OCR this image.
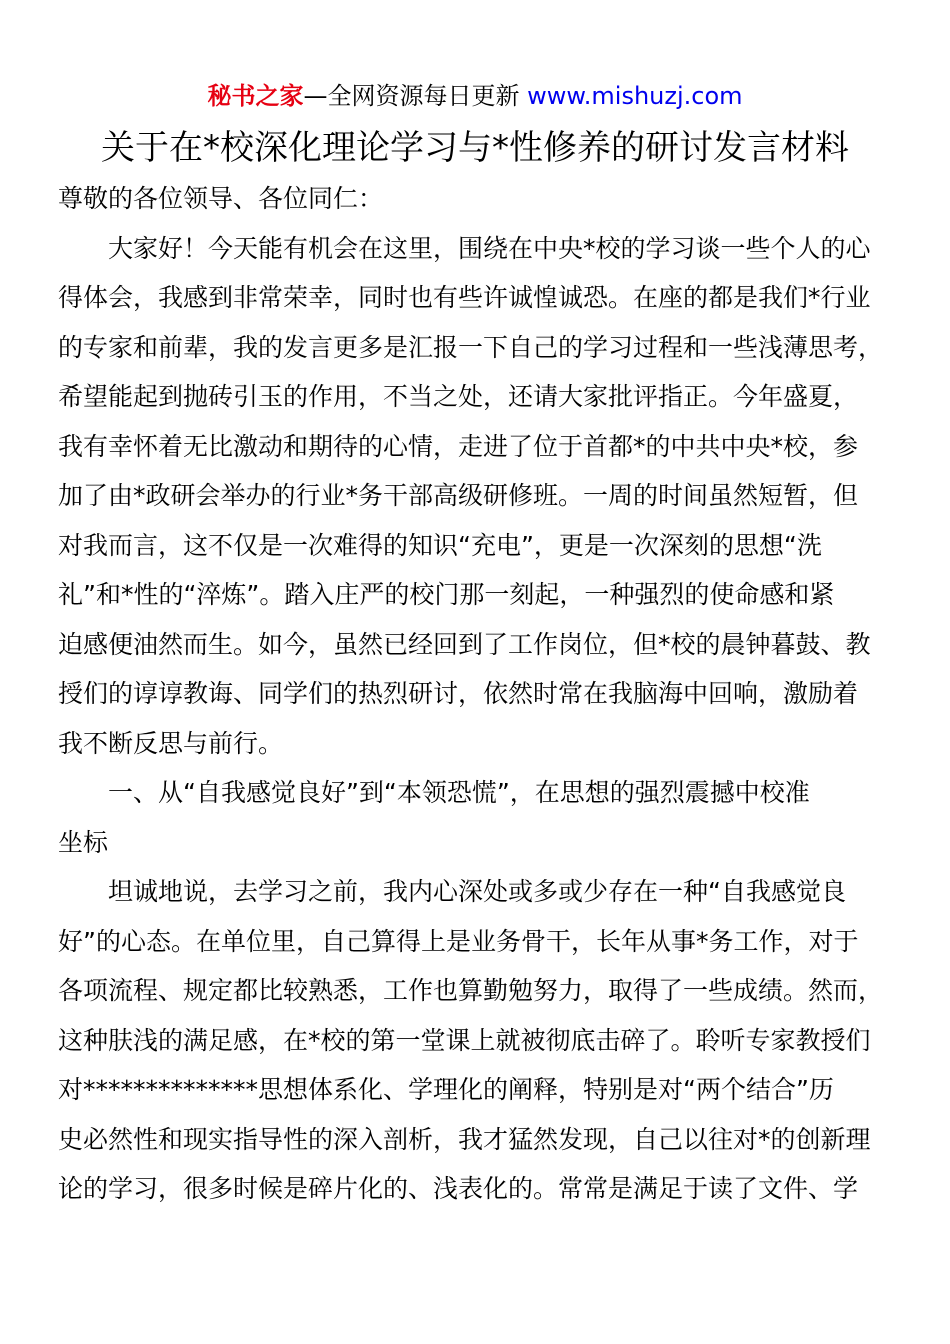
秘书之家—全网资源每日更新 www.mishuzj.com
关于在*校深化理论学习与*性修养的研讨发言材料
尊敬的各位领导、各位同仁：
大家好！今天能有机会在这里，围绕在中央*校的学习谈一些个人的心
得体会，我感到非常荣幸，同时也有些许诚惶诚恐。在座的都是我们*行业
的专家和前辈，我的发言更多是汇报一下自己的学习过程和一些浅薄思考，
希望能起到抛砖引玉的作用，不当之处，还请大家批评指正。今年盛夏，
我有幸怀着无比激动和期待的心情，走进了位于首都*的中共中央*校，参
加了由*政研会举办的行业*务干部高级研修班。一周的时间虽然短暂，但
对我而言，这不仅是一次难得的知识“充电”，更是一次深刻的思想“洗
礼”和*性的“淬炼”。踏入庄严的校门那一刻起，一种强烈的使命感和紧
迫感便油然而生。如今，虽然已经回到了工作岗位，但*校的晨钟暮鼓、教
授们的谆谆教诲、同学们的热烈研讨，依然时常在我脑海中回响，激励着
我不断反思与前行。
一、从“自我感觉良好”到“本领恐慌”，在思想的强烈震撼中校准
坐标
坦诚地说，去学习之前，我内心深处或多或少存在一种“自我感觉良
好”的心态。在单位里，自己算得上是业务骨干，长年从事*务工作，对于
各项流程、规定都比较熟悉，工作也算勤勉努力，取得了一些成绩。然而，
这种肤浅的满足感，在*校的第一堂课上就被彻底击碎了。聆听专家教授们
对**************思想体系化、学理化的阐释，特别是对“两个结合”历
史必然性和现实指导性的深入剖析，我才猛然发现，自己以往对*的创新理
论的学习，很多时候是碎片化的、浅表化的。常常是满足于读了文件、学
